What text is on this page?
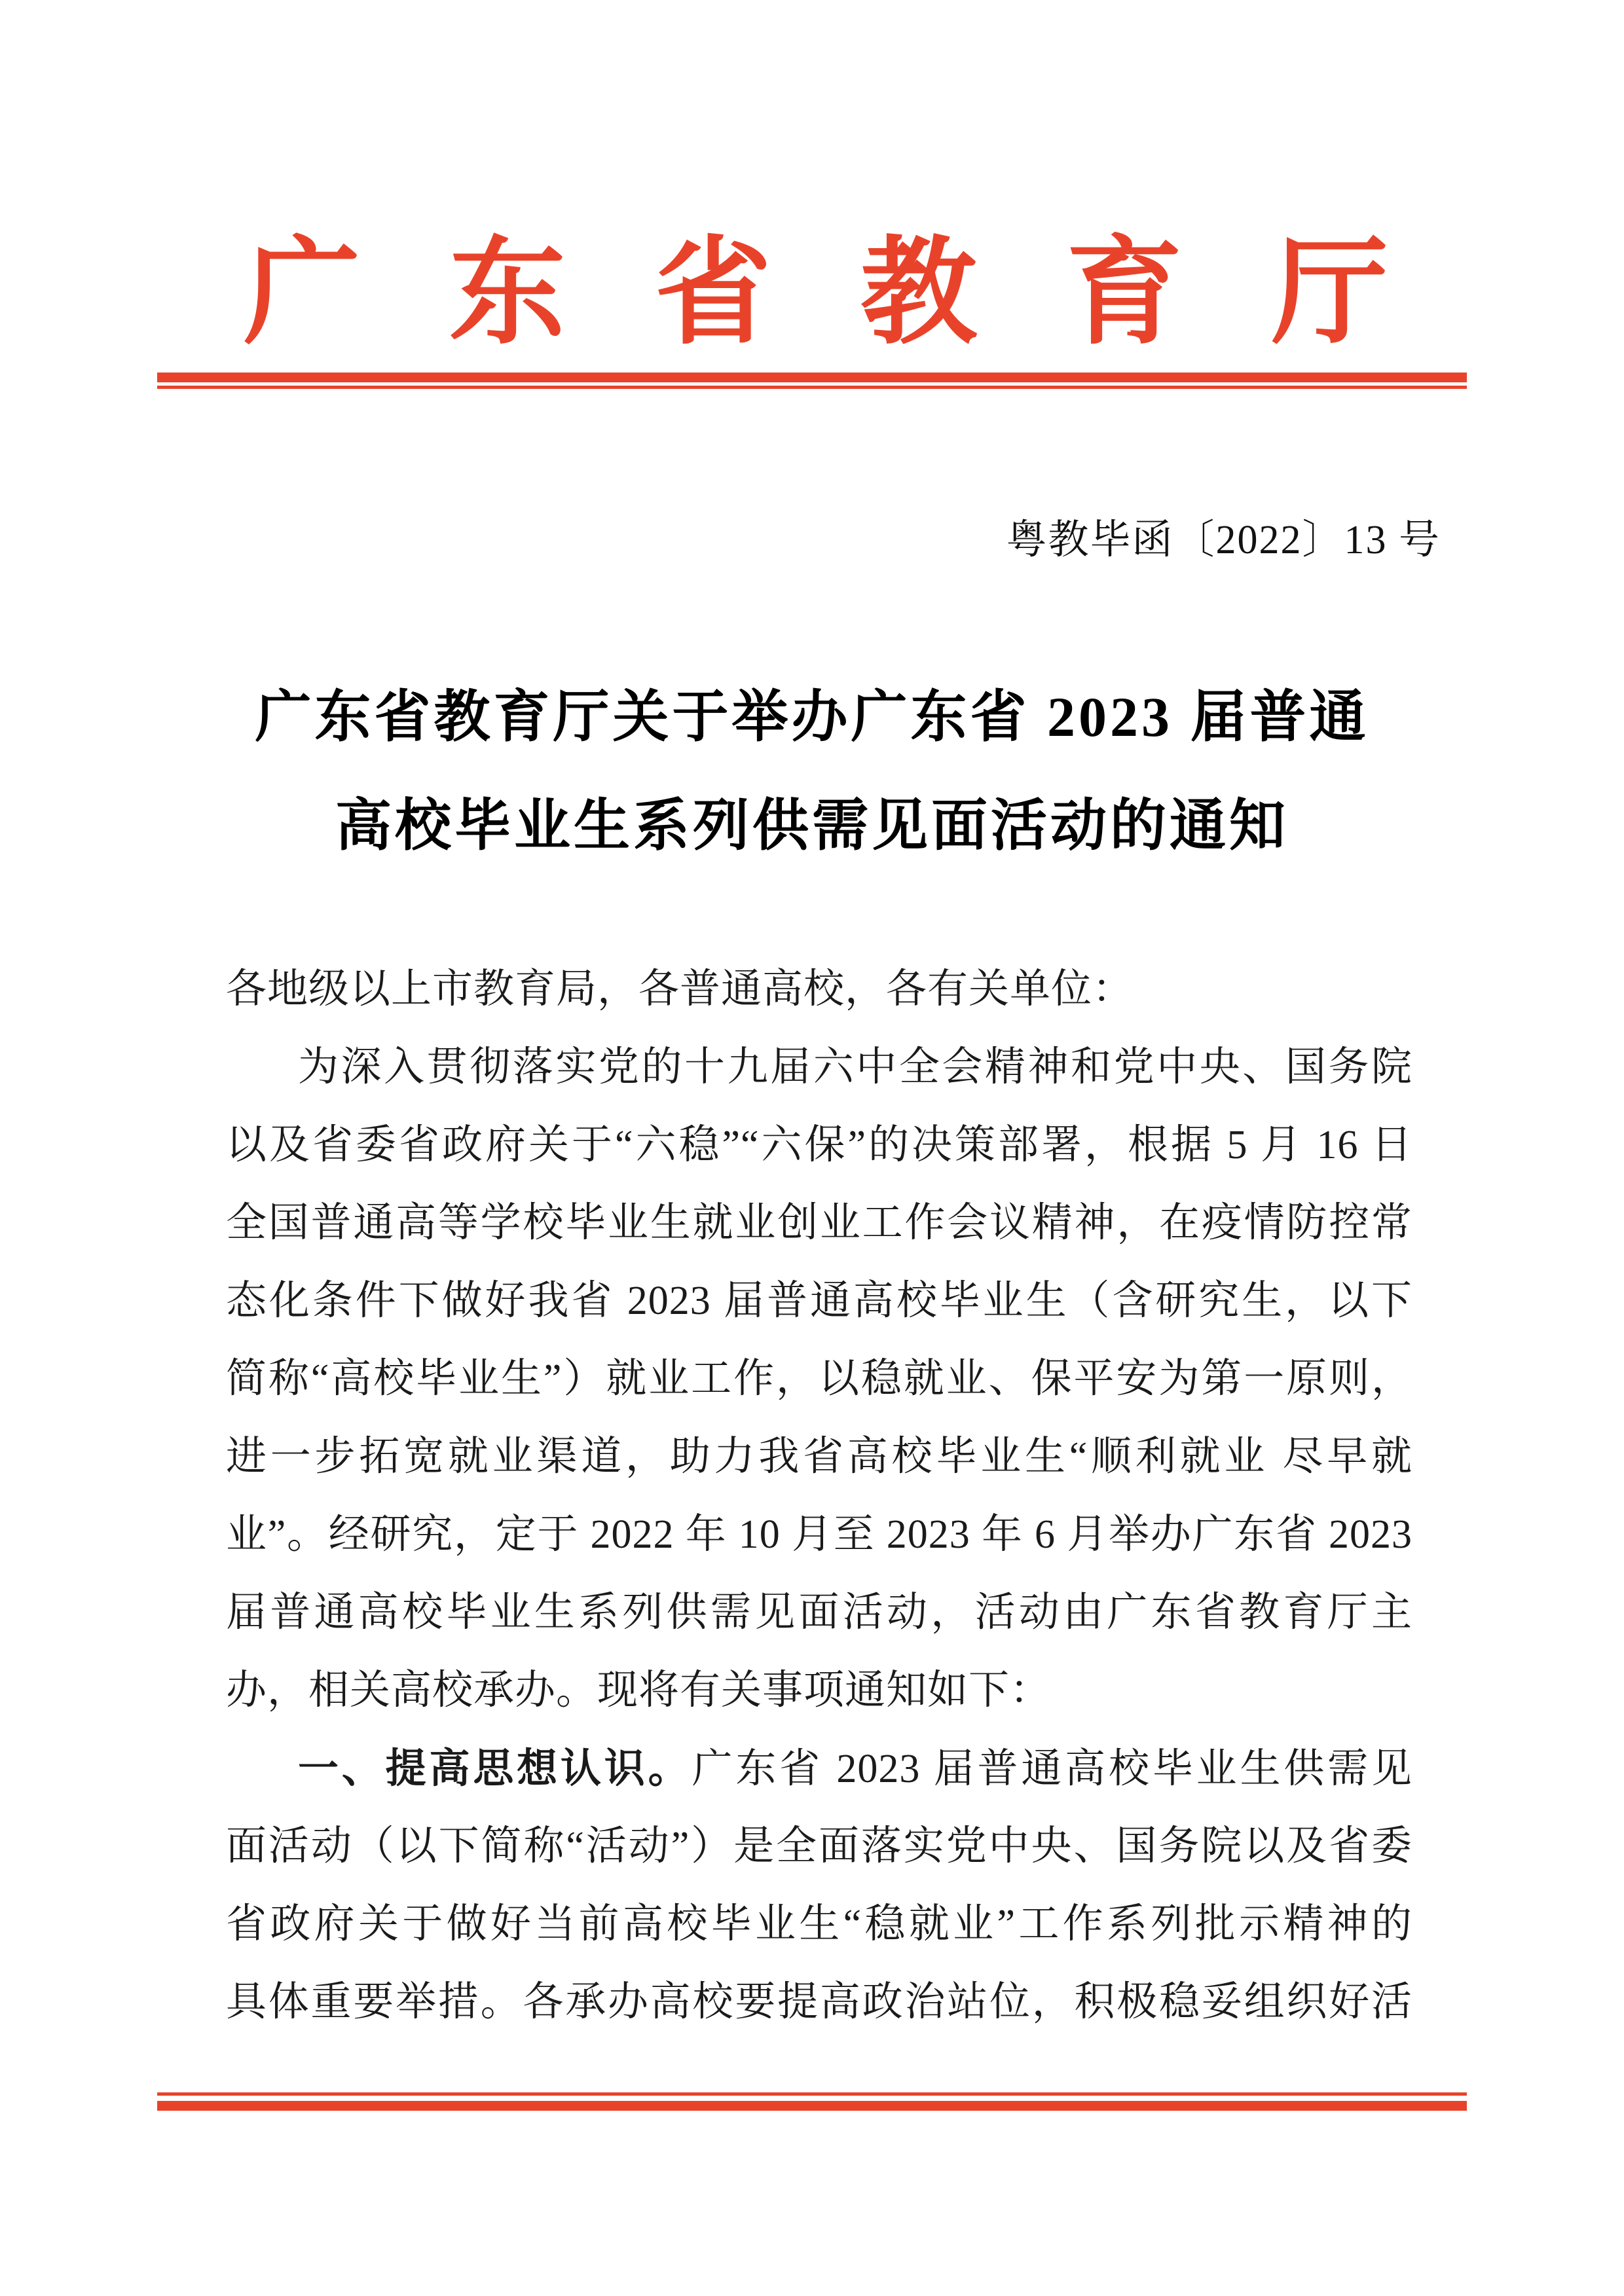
广东省教育厅
粤教毕函〔2022〕13 号
广东省教育厅关于举办广东省 2023 届普通
高校毕业生系列供需见面活动的通知
各地级以上市教育局，各普通高校，各有关单位：
为深入贯彻落实党的十九届六中全会精神和党中央、国务院
以及省委省政府关于“六稳”“六保”的决策部署，根据 5 月 16 日
全国普通高等学校毕业生就业创业工作会议精神，在疫情防控常
态化条件下做好我省 2023 届普通高校毕业生（含研究生，以下
简称“高校毕业生”）就业工作，以稳就业、保平安为第一原则，
进一步拓宽就业渠道，助力我省高校毕业生“顺利就业 尽早就
业”。经研究，定于 2022 年 10 月至 2023 年 6 月举办广东省 2023
届普通高校毕业生系列供需见面活动，活动由广东省教育厅主
办，相关高校承办。现将有关事项通知如下：
一、提高思想认识。广东省 2023 届普通高校毕业生供需见
面活动（以下简称“活动”）是全面落实党中央、国务院以及省委
省政府关于做好当前高校毕业生“稳就业”工作系列批示精神的
具体重要举措。各承办高校要提高政治站位，积极稳妥组织好活
